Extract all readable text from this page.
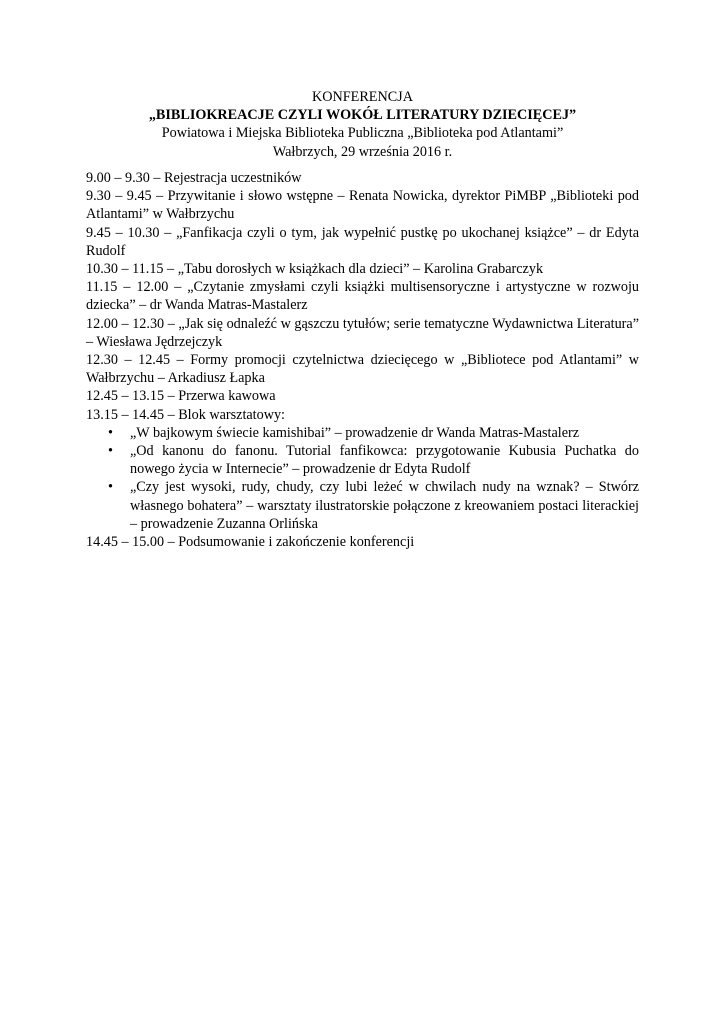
KONFERENCJA
„BIBLIOKREACJE CZYLI WOKÓŁ LITERATURY DZIECIĘCEJ”
Powiatowa i Miejska Biblioteka Publiczna „Biblioteka pod Atlantami”
Wałbrzych, 29 września 2016 r.
9.00 – 9.30 – Rejestracja uczestników
9.30 – 9.45 – Przywitanie i słowo wstępne – Renata Nowicka, dyrektor PiMBP „Biblioteki pod Atlantami” w Wałbrzychu
9.45 – 10.30 – „Fanfikacja czyli o tym, jak wypełnić pustkę po ukochanej książce” – dr Edyta Rudolf
10.30 – 11.15 – „Tabu dorosłych w książkach dla dzieci” – Karolina Grabarczyk
11.15 – 12.00 – „Czytanie zmysłami czyli książki multisensoryczne i artystyczne w rozwoju dziecka” – dr Wanda Matras-Mastalerz
12.00 – 12.30 – „Jak się odnaleźć w gąszczu tytułów; serie tematyczne Wydawnictwa Literatura” – Wiesława Jędrzejczyk
12.30 – 12.45 – Formy promocji czytelnictwa dziecięcego w „Bibliotece pod Atlantami” w Wałbrzychu – Arkadiusz Łapka
12.45 – 13.15 – Przerwa kawowa
13.15 – 14.45 – Blok warsztatowy:
• „W bajkowym świecie kamishibai” – prowadzenie dr Wanda Matras-Mastalerz
• „Od kanonu do fanonu. Tutorial fanfikowca: przygotowanie Kubusia Puchatka do nowego życia w Internecie” – prowadzenie dr Edyta Rudolf
• „Czy jest wysoki, rudy, chudy, czy lubi leżeć w chwilach nudy na wznak? – Stwórz własnego bohatera” – warsztaty ilustratorskie połączone z kreowaniem postaci literackiej – prowadzenie Zuzanna Orlińska
14.45 – 15.00 – Podsumowanie i zakończenie konferencji
